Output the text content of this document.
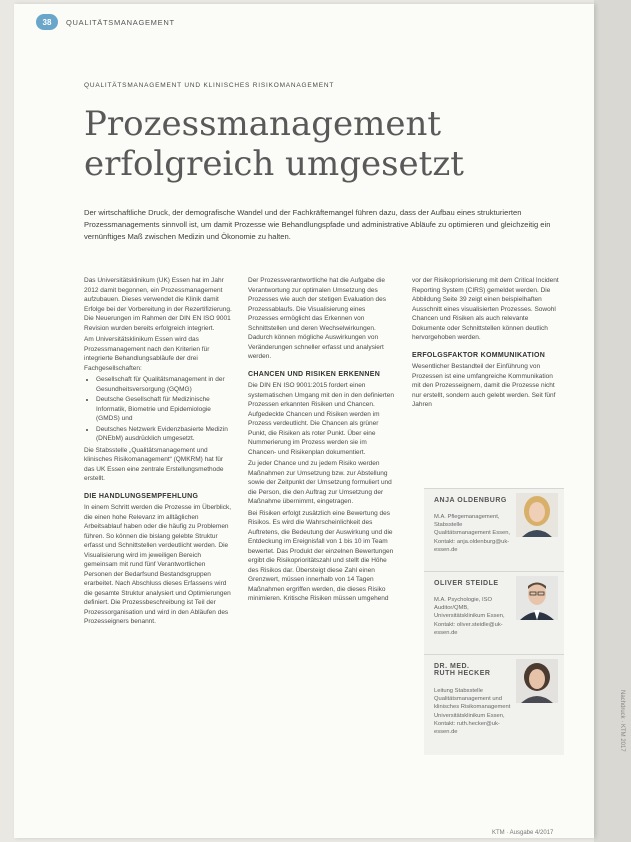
Nachdruck · KTM 2017
38	QUALITÄTSMANAGEMENT
QUALITÄTSMANAGEMENT UND KLINISCHES RISIKOMANAGEMENT
Prozessmanagement
erfolgreich umgesetzt
Der wirtschaftliche Druck, der demografische Wandel und der Fachkräftemangel führen dazu, dass der Aufbau eines strukturierten Prozessmanagements sinnvoll ist, um damit Prozesse wie Behandlungspfade und administrative Abläufe zu optimieren und gleichzeitig ein vernünftiges Maß zwischen Medizin und Ökonomie zu halten.

Das Universitätsklinikum (UK) Essen hat im Jahr 2012 damit begonnen, ein Prozessmanagement aufzubauen. Dieses verwendet die Klinik damit Erfolge bei der Vorbereitung in der Rezertifizierung. Die Neuerungen im Rahmen der DIN EN ISO 9001 Revision wurden bereits erfolgreich integriert.

Am Universitätsklinikum Essen wird das Prozessmanagement nach den Kriterien für integrierte Behandlungsabläufe der drei Fachgesellschaften:

• Gesellschaft für Qualitätsmanagement in der Gesundheitsversorgung (GQMG)
• Deutsche Gesellschaft für Medizinische Informatik, Biometrie und Epidemiologie (GMDS) und
• Deutsches Netzwerk Evidenzbasierte Medizin (DNEbM) ausdrücklich umgesetzt.

Die Stabsstelle „Qualitätsmanagement und klinisches Risikomanagement“ (QMKRM) hat für das UK Essen eine zentrale Erstellungsmethode erstellt.

DIE HANDLUNGSEMPFEHLUNG

In einem Schritt werden die Prozesse im Überblick, die einen hohe Relevanz im alltäglichen Arbeitsablauf haben oder die häufig zu Problemen führen. So können die bislang gelebte Struktur erfasst und Schnittstellen verdeutlicht werden. Die Visualisierung wird im jeweiligen Bereich gemeinsam mit rund fünf Verantwortlichen Personen der Bedarfsund Bestandsgruppen erarbeitet. Nach Abschluss dieses Erfassens wird die gesamte Struktur analysiert und Optimierungen definiert. Die Prozessbeschreibung ist Teil der Prozessorganisation und wird in den Abläufen des Prozesseigners benannt.

Der Prozessverantwortliche hat die Aufgabe die Verantwortung zur optimalen Umsetzung des Prozesses wie auch der stetigen Evaluation des Prozessablaufs. Die Visualisierung eines Prozesses ermöglicht das Erkennen von Schnittstellen und deren Wechselwirkungen. Dadurch können mögliche Auswirkungen von Veränderungen schneller erfasst und analysiert werden.

CHANCEN UND RISIKEN ERKENNEN

Die DIN EN ISO 9001:2015 fordert einen systematischen Umgang mit den in den definierten Prozessen erkannten Risiken und Chancen. Aufgedeckte Chancen und Risiken werden im Prozess verdeutlicht. Die Chancen als grüner Punkt, die Risiken als roter Punkt. Über eine Nummerierung im Prozess werden sie im Chancen- und Risikenplan dokumentiert.

Zu jeder Chance und zu jedem Risiko werden Maßnahmen zur Umsetzung bzw. zur Abstellung sowie der Zeitpunkt der Umsetzung formuliert und die Person, die den Auftrag zur Umsetzung der Maßnahme übernimmt, eingetragen.

Bei Risiken erfolgt zusätzlich eine Bewertung des Risikos. Es wird die Wahrscheinlichkeit des Auftretens, die Bedeutung der Auswirkung und die Entdeckung im Ereignisfall von 1 bis 10 im Team bewertet. Das Produkt der einzelnen Bewertungen ergibt die Risikoprioritätszahl und stellt die Höhe des Risikos dar. Übersteigt diese Zahl einen Grenzwert, müssen innerhalb von 14 Tagen Maßnahmen ergriffen werden, die dieses Risiko minimieren. Kritische Risiken müssen umgehend

vor der Risikopriorisierung mit dem Critical Incident Reporting System (CIRS) gemeldet werden. Die Abbildung Seite 39 zeigt einen beispielhaften Ausschnitt eines visualisierten Prozesses. Sowohl Chancen und Risiken als auch relevante Dokumente oder Schnittstellen können deutlich hervorgehoben werden.

ERFOLGSFAKTOR KOMMUNIKATION

Wesentlicher Bestandteil der Einführung von Prozessen ist eine umfangreiche Kommunikation mit den Prozesseignern, damit die Prozesse nicht nur erstellt, sondern auch gelebt werden. Seit fünf Jahren

ANJA OLDENBURG
M.A. Pflegemanagement, Stabsstelle Qualitätsmanagement Essen, Kontakt: anja.oldenburg@uk-essen.de
OLIVER STEIDLE
M.A. Psychologie, ISO Auditor/QMB, Universitätsklinikum Essen, Kontakt: oliver.steidle@uk-essen.de
DR. MED.
RUTH HECKER
Leitung Stabsstelle Qualitätsmanagement und klinisches Risikomanagement Universitätsklinikum Essen, Kontakt: ruth.hecker@uk-essen.de
KTM · Ausgabe 4/2017
